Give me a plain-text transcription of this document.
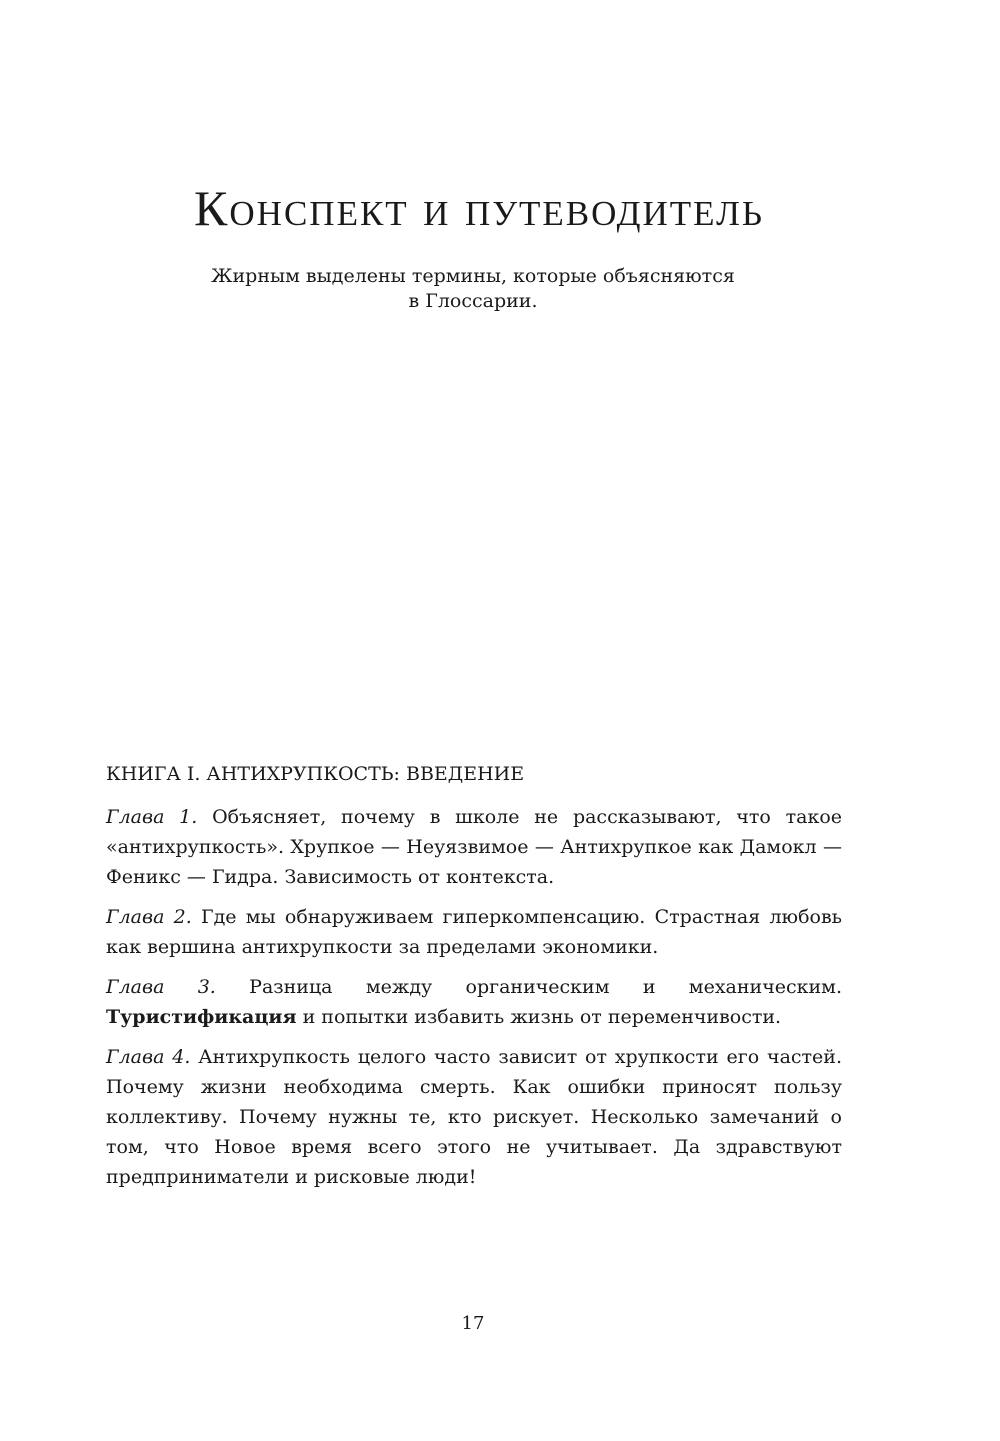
Конспект и путеводитель

Жирным выделены термины, которые объясняются
в Глоссарии.

КНИГА I. АНТИХРУПКОСТЬ: ВВЕДЕНИЕ

Глава 1. Объясняет, почему в школе не рассказывают, что такое «антихрупкость». Хрупкое — Неуязвимое — Антихрупкое как Дамокл — Феникс — Гидра. Зависимость от контекста.

Глава 2. Где мы обнаруживаем гиперкомпенсацию. Страстная любовь как вершина антихрупкости за пределами экономики.

Глава 3. Разница между органическим и механическим. Туристификация и попытки избавить жизнь от переменчивости.

Глава 4. Антихрупкость целого часто зависит от хрупкости его частей. Почему жизни необходима смерть. Как ошибки приносят пользу коллективу. Почему нужны те, кто рискует. Несколько замечаний о том, что Новое время всего этого не учитывает. Да здравствуют предприниматели и рисковые люди!

17
